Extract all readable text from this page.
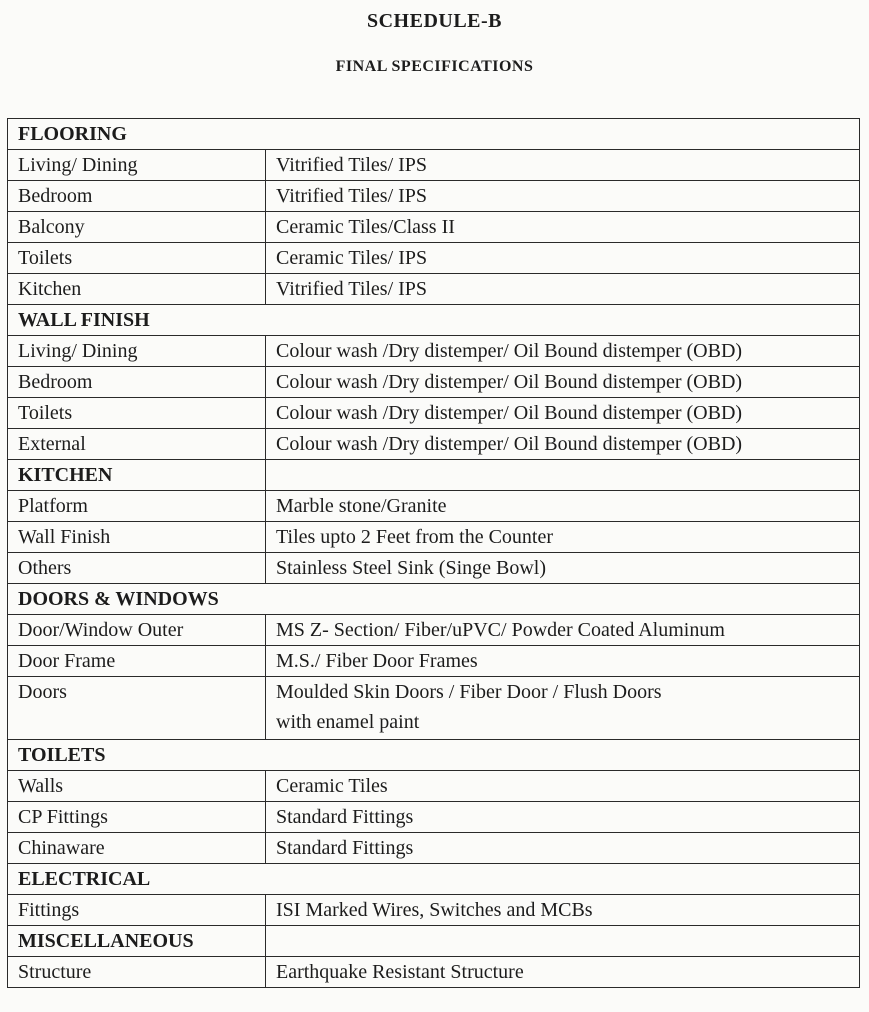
SCHEDULE-B
FINAL SPECIFICATIONS
FLOORING	
Living/ Dining	Vitrified Tiles/ IPS
Bedroom	Vitrified Tiles/ IPS
Balcony	Ceramic Tiles/Class II
Toilets	Ceramic Tiles/ IPS
Kitchen	Vitrified Tiles/ IPS
WALL FINISH	
Living/ Dining	Colour wash /Dry distemper/ Oil Bound distemper (OBD)
Bedroom	Colour wash /Dry distemper/ Oil Bound distemper (OBD)
Toilets	Colour wash /Dry distemper/ Oil Bound distemper (OBD)
External	Colour wash /Dry distemper/ Oil Bound distemper (OBD)
KITCHEN	
Platform	Marble stone/Granite
Wall Finish	Tiles upto 2 Feet from the Counter
Others	Stainless Steel Sink (Singe Bowl)
DOORS & WINDOWS	
Door/Window Outer	MS Z- Section/ Fiber/uPVC/ Powder Coated Aluminum
Door Frame	M.S./ Fiber Door Frames
Doors	Moulded Skin Doors / Fiber Door / Flush Doors
with enamel paint

TOILETS	
Walls	Ceramic Tiles
CP Fittings	Standard Fittings
Chinaware	Standard Fittings
ELECTRICAL	
Fittings	ISI Marked Wires, Switches and MCBs
MISCELLANEOUS	
Structure	Earthquake Resistant Structure
